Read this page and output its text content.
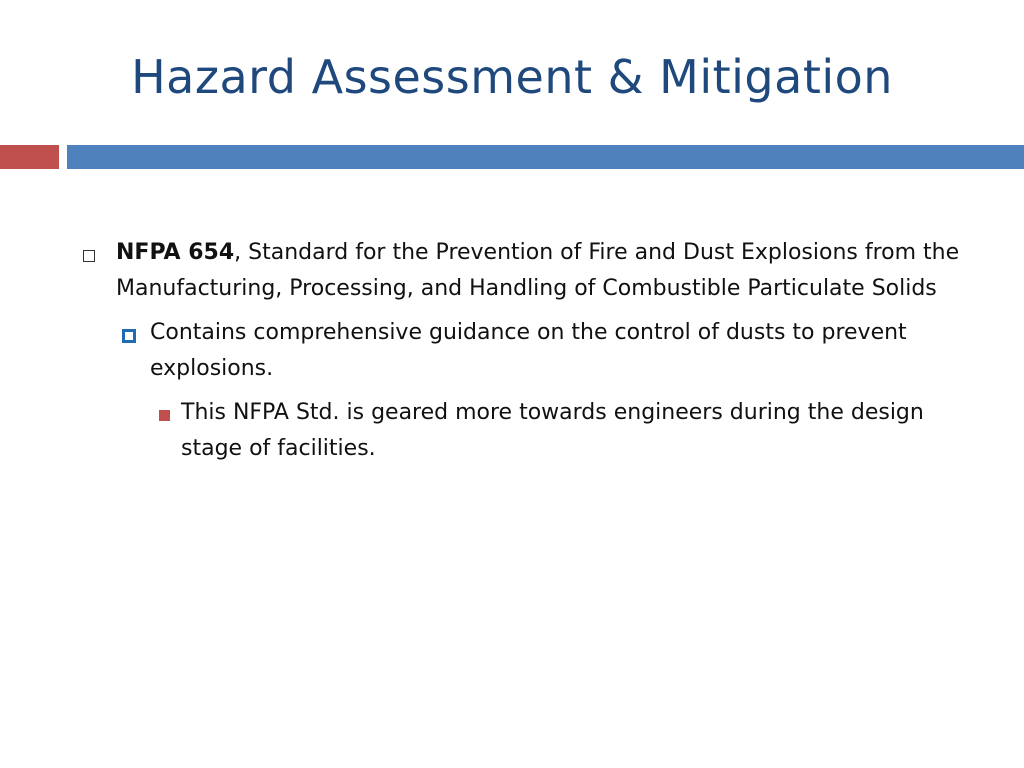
Hazard Assessment & Mitigation
NFPA 654, Standard for the Prevention of Fire and Dust Explosions from the Manufacturing, Processing, and Handling of Combustible Particulate Solids
Contains comprehensive guidance on the control of dusts to prevent explosions.
This NFPA Std. is geared more towards engineers during the design stage of facilities.
